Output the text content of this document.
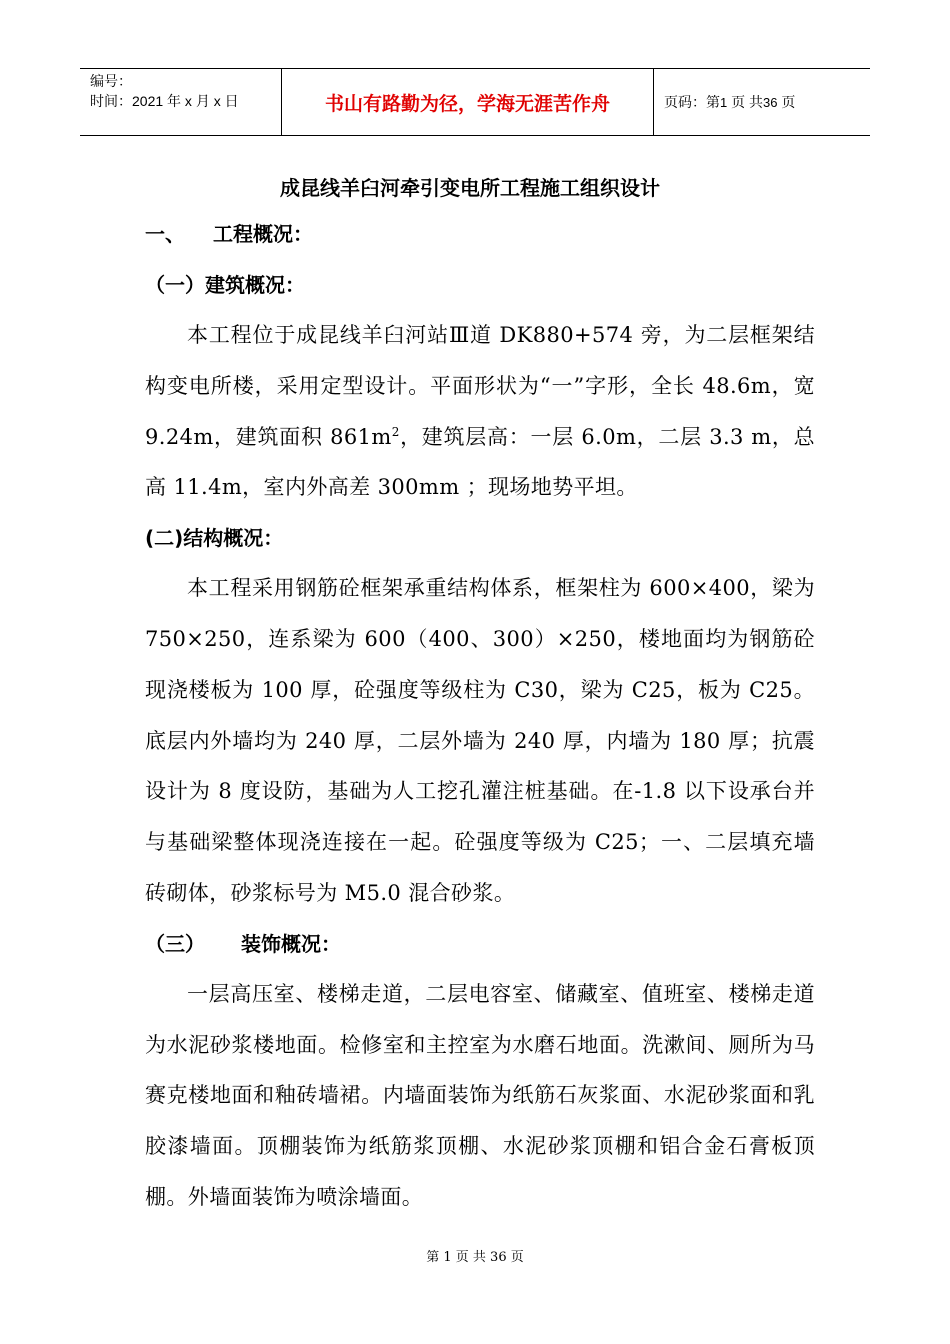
编号：
时间：2021 年 x 月 x 日	书山有路勤为径，学海无涯苦作舟	页码：第1 页 共36 页
成昆线羊臼河牵引变电所工程施工组织设计
一、	工程概况：
（一）建筑概况：
本工程位于成昆线羊臼河站Ⅲ道 DK880+574 旁，为二层框架结构变电所楼，采用定型设计。平面形状为“一”字形，全长 48.6m，宽 9.24m，建筑面积 $861m^2$，建筑层高：一层 6.0m，二层 3.3 m，总高 11.4m，室内外高差 300mm ；现场地势平坦。
(二)结构概况：
本工程采用钢筋砼框架承重结构体系，框架柱为 600×400，梁为 750×250，连系梁为 600（400、300）×250，楼地面均为钢筋砼现浇楼板为 100 厚，砼强度等级柱为 C30，梁为 C25，板为 C25。底层内外墙均为 240 厚，二层外墙为 240 厚，内墙为 180 厚；抗震设计为 8 度设防，基础为人工挖孔灌注桩基础。在-1.8 以下设承台并与基础梁整体现浇连接在一起。砼强度等级为 C25；一、二层填充墙砖砌体，砂浆标号为 M5.0 混合砂浆。
（三）	装饰概况：
一层高压室、楼梯走道，二层电容室、储藏室、值班室、楼梯走道为水泥砂浆楼地面。检修室和主控室为水磨石地面。洗漱间、厕所为马赛克楼地面和釉砖墙裙。内墙面装饰为纸筋石灰浆面、水泥砂浆面和乳胶漆墙面。顶棚装饰为纸筋浆顶棚、水泥砂浆顶棚和铝合金石膏板顶棚。外墙面装饰为喷涂墙面。
第 1 页 共 36 页
